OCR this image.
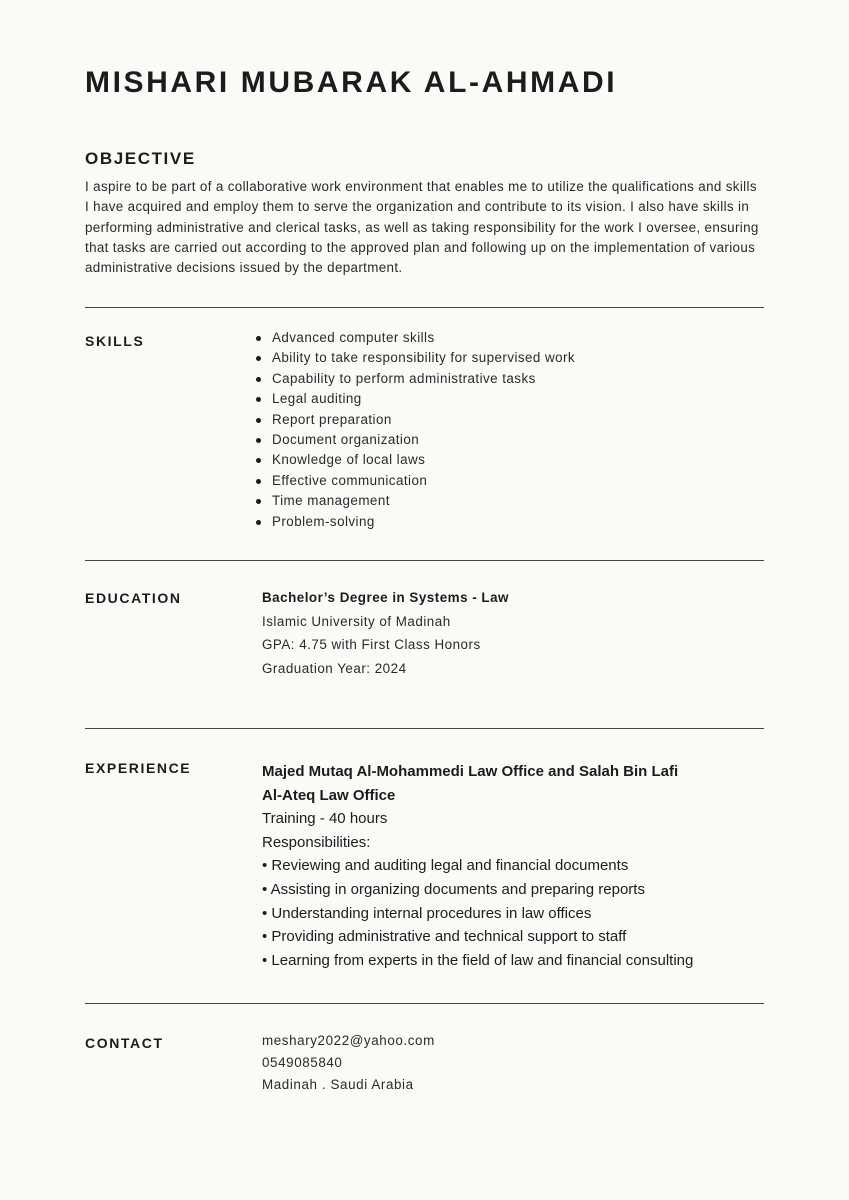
MISHARI MUBARAK AL-AHMADI
OBJECTIVE

I aspire to be part of a collaborative work environment that enables me to utilize the qualifications and skills I have acquired and employ them to serve the organization and contribute to its vision. I also have skills in performing administrative and clerical tasks, as well as taking responsibility for the work I oversee, ensuring that tasks are carried out according to the approved plan and following up on the implementation of various administrative decisions issued by the department.

SKILLS	Advanced computer skills
Ability to take responsibility for supervised work
Capability to perform administrative tasks
Legal auditing
Report preparation
Document organization
Knowledge of local laws
Effective communication
Time management
Problem-solving
EDUCATION	Bachelor’s Degree in Systems - Law

Islamic University of Madinah

GPA: 4.75 with First Class Honors

Graduation Year: 2024

EXPERIENCE	Majed Mutaq Al-Mohammedi Law Office and Salah Bin Lafi

Al-Ateq Law Office

Training - 40 hours

Responsibilities:

• Reviewing and auditing legal and financial documents

• Assisting in organizing documents and preparing reports

• Understanding internal procedures in law offices

• Providing administrative and technical support to staff

• Learning from experts in the field of law and financial consulting

CONTACT	meshary2022@yahoo.com

0549085840

Madinah . Saudi Arabia
